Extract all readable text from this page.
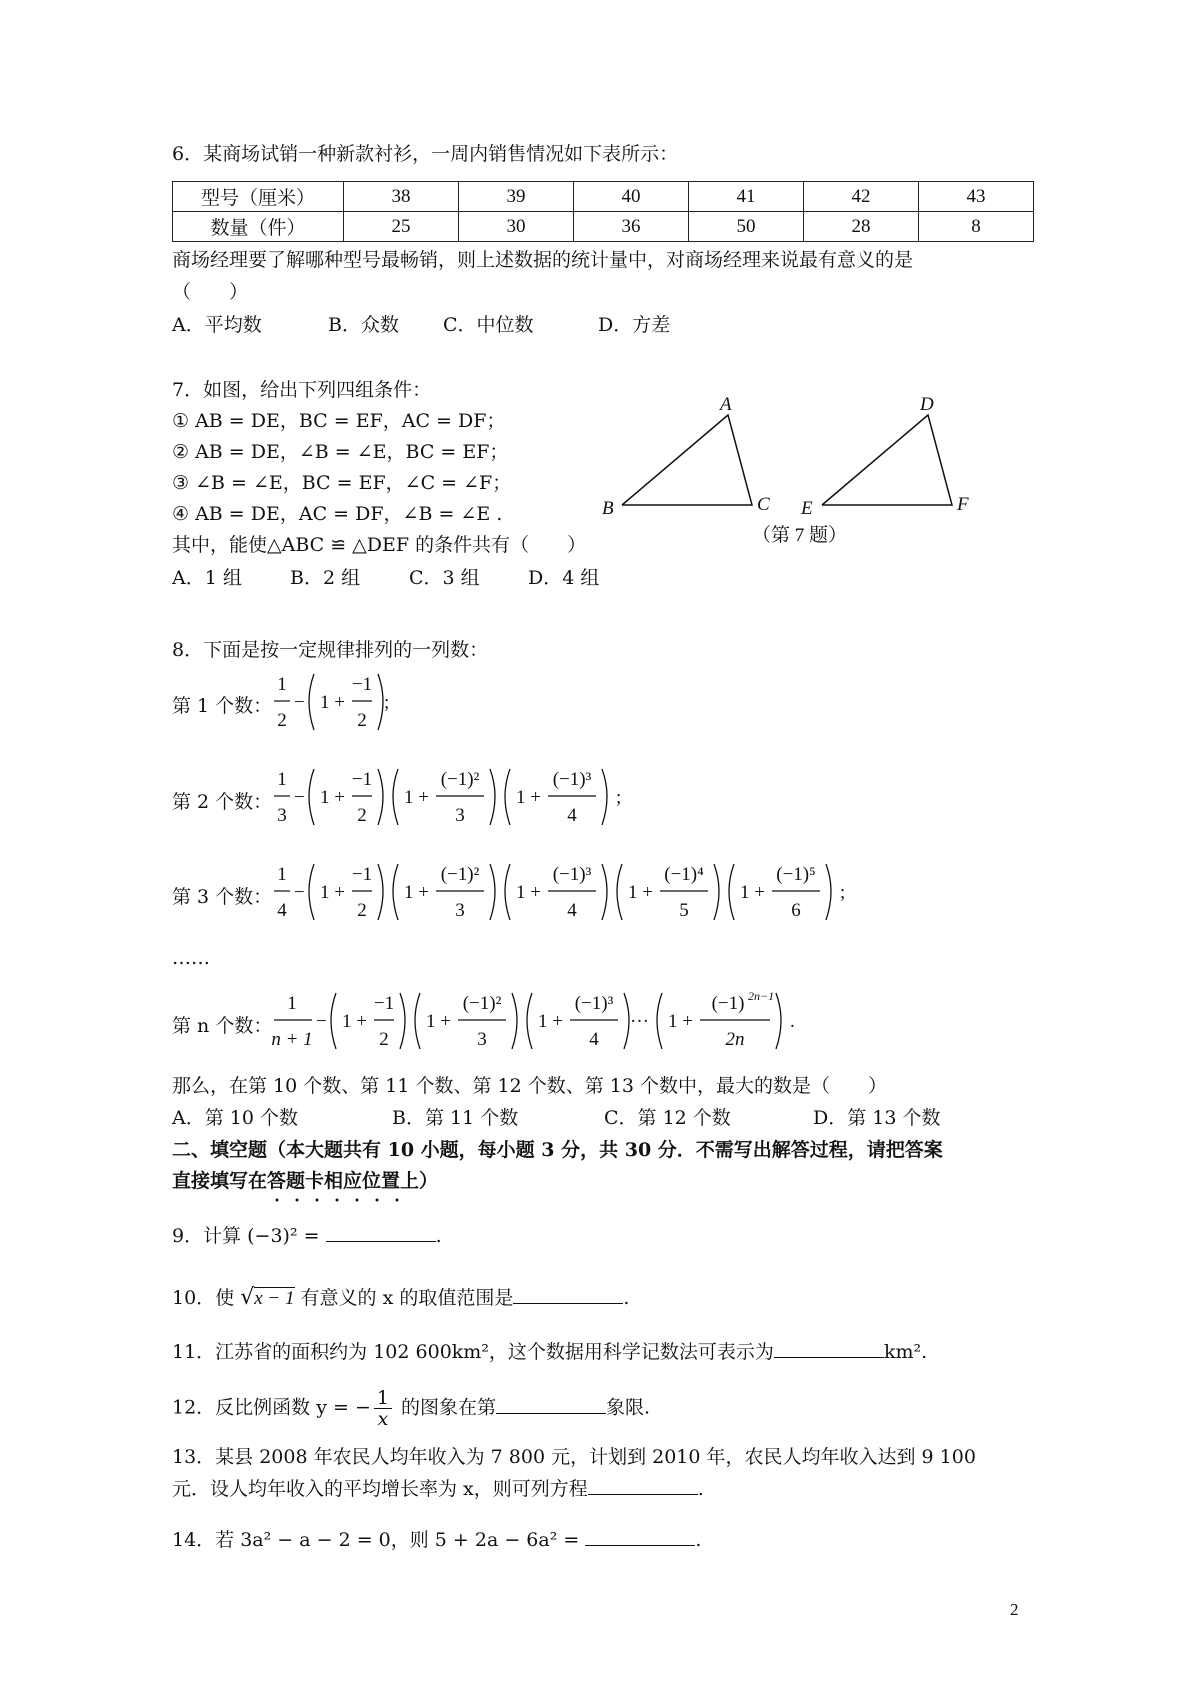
6．某商场试销一种新款衬衫，一周内销售情况如下表所示：
型号（厘米）	38	39	40	41	42	43
数量（件）	25	30	36	50	28	8
商场经理要了解哪种型号最畅销，则上述数据的统计量中，对商场经理来说最有意义的是
（　　）
A．平均数	B．众数 C．中位数	D．方差
7．如图，给出下列四组条件：
① AB = DE，BC = EF，AC = DF；
② AB = DE，∠B = ∠E，BC = EF；
③ ∠B = ∠E，BC = EF，∠C = ∠F；
④ AB = DE，AC = DF，∠B = ∠E .
其中，能使△ABC ≌ △DEF 的条件共有（　　）
A．1 组	B．2 组	C．3 组	D．4 组
A
B	C
D
E	F
（第 7 题）
8．下面是按一定规律排列的一列数：
第 1 个数：
1
2
− 1 +
−1
2
;
第 2 个数：
1
3
− 1 +
−1
2
1 +
(−1)²
3
1 +
(−1)³
4
;
第 3 个数：
1
4
− 1 +
−1
2
1 +
(−1)²
3
1 +
(−1)³
4
1 +
(−1)⁴
5
1 +
(−1)⁵
6
;
……
第 n 个数：
1
n + 1
− 1 +
−1
2
1 +
(−1)²
3
1 +
(−1)³
4
··· 1 +
(−1) 2n−1
2n
.
那么，在第 10 个数、第 11 个数、第 12 个数、第 13 个数中，最大的数是（　　）
A．第 10 个数	B．第 11 个数	C．第 12 个数	D．第 13 个数
二、填空题（本大题共有 10 小题，每小题 3 分，共 30 分．不需写出解答过程，请把答案
直接填写在答题卡相应位置
上）
9．计算 (−3)² =	.
10．使 √x − 1 有意义的 x 的取值范围是	.
11．江苏省的面积约为 102 600km²，这个数据用科学记数法可表示为	km².
12．反比例函数 y = − $\frac{1}{x}$ 的图象在第	象限.
13．某县 2008 年农民人均年收入为 7 800 元，计划到 2010 年，农民人均年收入达到 9 100
元．设人均年收入的平均增长率为 x，则可列方程	.
14．若 3a² − a − 2 = 0，则 5 + 2a − 6a² =	.
2
